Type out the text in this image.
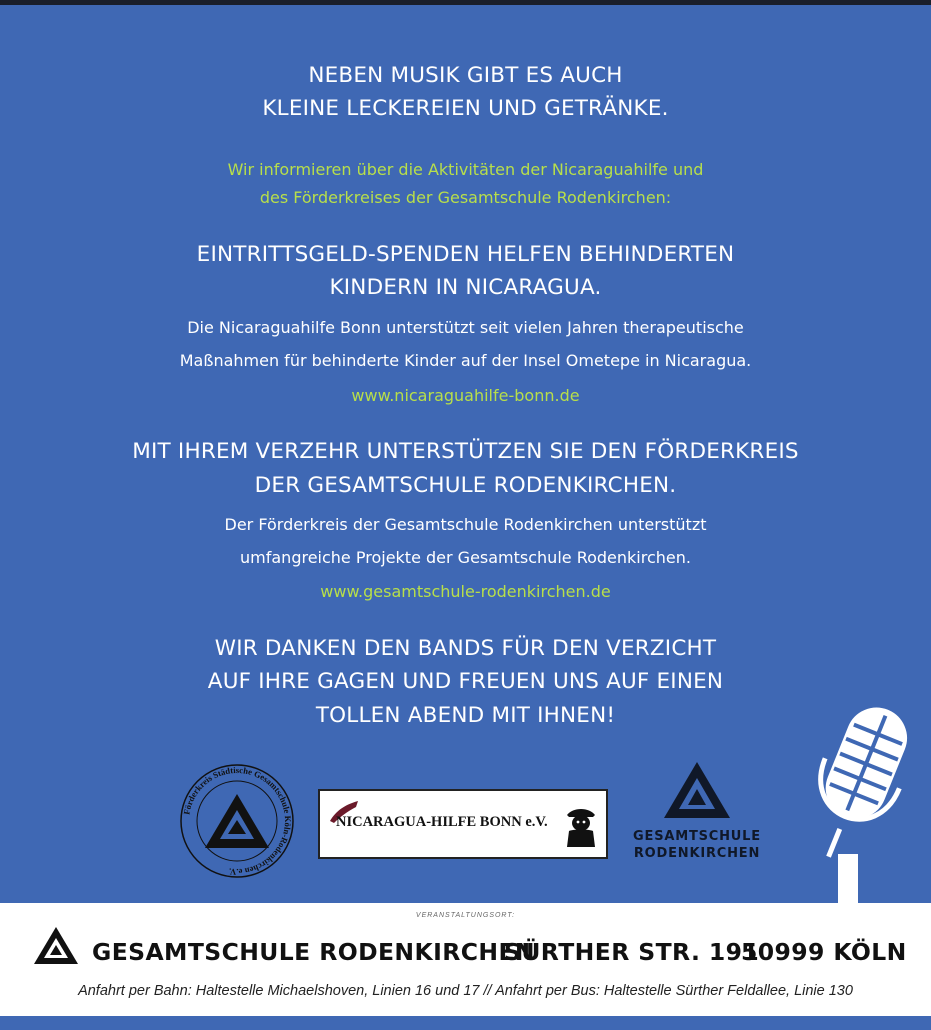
NEBEN MUSIK GIBT ES AUCH
KLEINE LECKEREIEN UND GETRÄNKE.
Wir informieren über die Aktivitäten der Nicaraguahilfe und
des Förderkreises der Gesamtschule Rodenkirchen:
EINTRITTSGELD-SPENDEN HELFEN BEHINDERTEN
KINDERN IN NICARAGUA.
Die Nicaraguahilfe Bonn unterstützt seit vielen Jahren therapeutische
Maßnahmen für behinderte Kinder auf der Insel Ometepe in Nicaragua.
www.nicaraguahilfe-bonn.de
MIT IHREM VERZEHR UNTERSTÜTZEN SIE DEN FÖRDERKREIS
DER GESAMTSCHULE RODENKIRCHEN.
Der Förderkreis der Gesamtschule Rodenkirchen unterstützt
umfangreiche Projekte der Gesamtschule Rodenkirchen.
www.gesamtschule-rodenkirchen.de
WIR DANKEN DEN BANDS FÜR DEN VERZICHT
AUF IHRE GAGEN UND FREUEN UNS AUF EINEN
TOLLEN ABEND MIT IHNEN!
Förderkreis Städtische Gesamtschule Köln-Rodenkirchen e.V.
NICARAGUA-HILFE BONN e.V.
GESAMTSCHULE
RODENKIRCHEN
VERANSTALTUNGSORT:
GESAMTSCHULE RODENKIRCHEN
SÜRTHER STR. 191
50999 KÖLN
Anfahrt per Bahn: Haltestelle Michaelshoven, Linien 16 und 17 // Anfahrt per Bus: Haltestelle Sürther Feldallee, Linie 130
